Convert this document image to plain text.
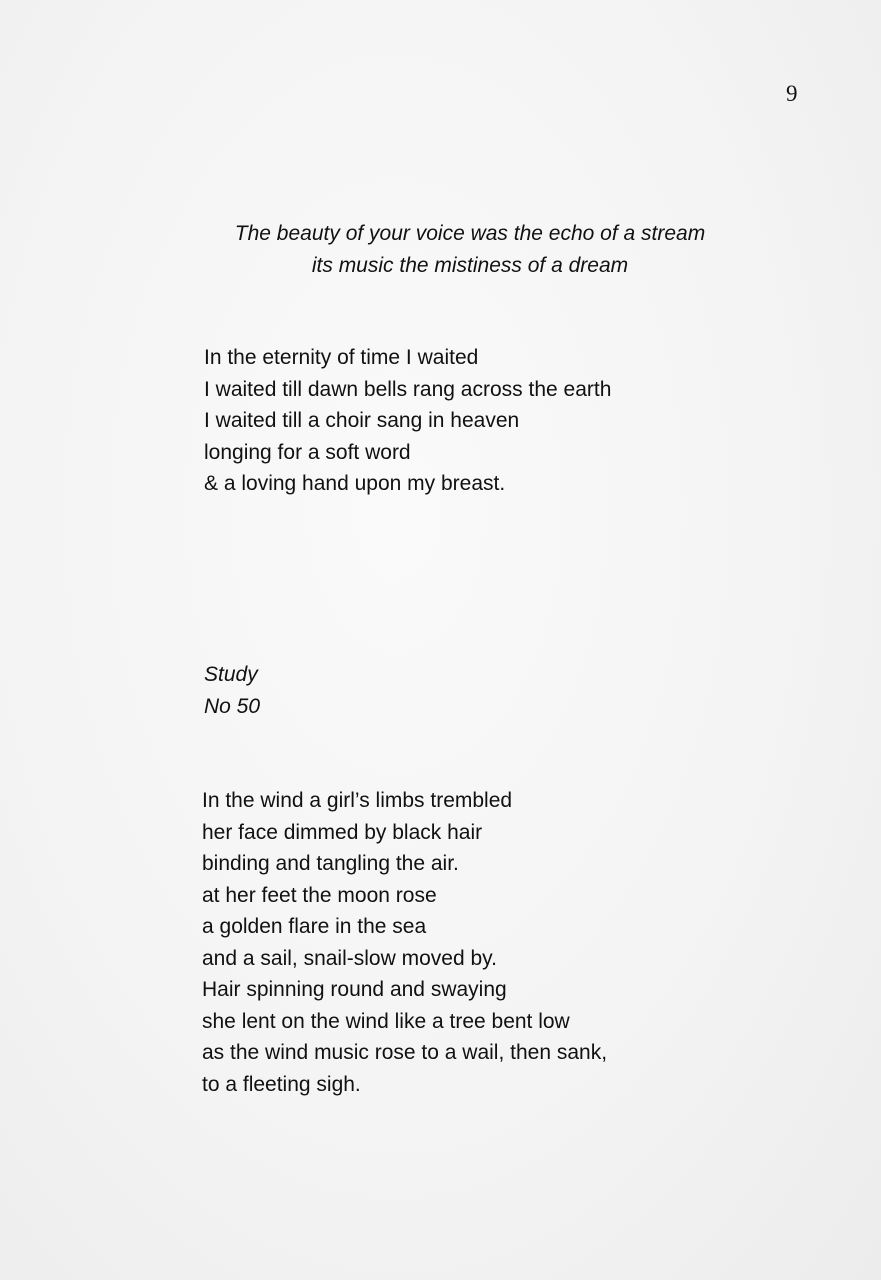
9
The beauty of your voice was the echo of a stream
its music the mistiness of a dream
In the eternity of time I waited
I waited till dawn bells rang across the earth
I waited till a choir sang in heaven
longing for a soft word
& a loving hand upon my breast.
Study
No 50
In the wind a girl’s limbs trembled
her face dimmed by black hair
binding and tangling the air.
at her feet the moon rose
a golden flare in the sea
and a sail, snail-slow moved by.
Hair spinning round and swaying
she lent on the wind like a tree bent low
as the wind music rose to a wail, then sank,
to a fleeting sigh.
